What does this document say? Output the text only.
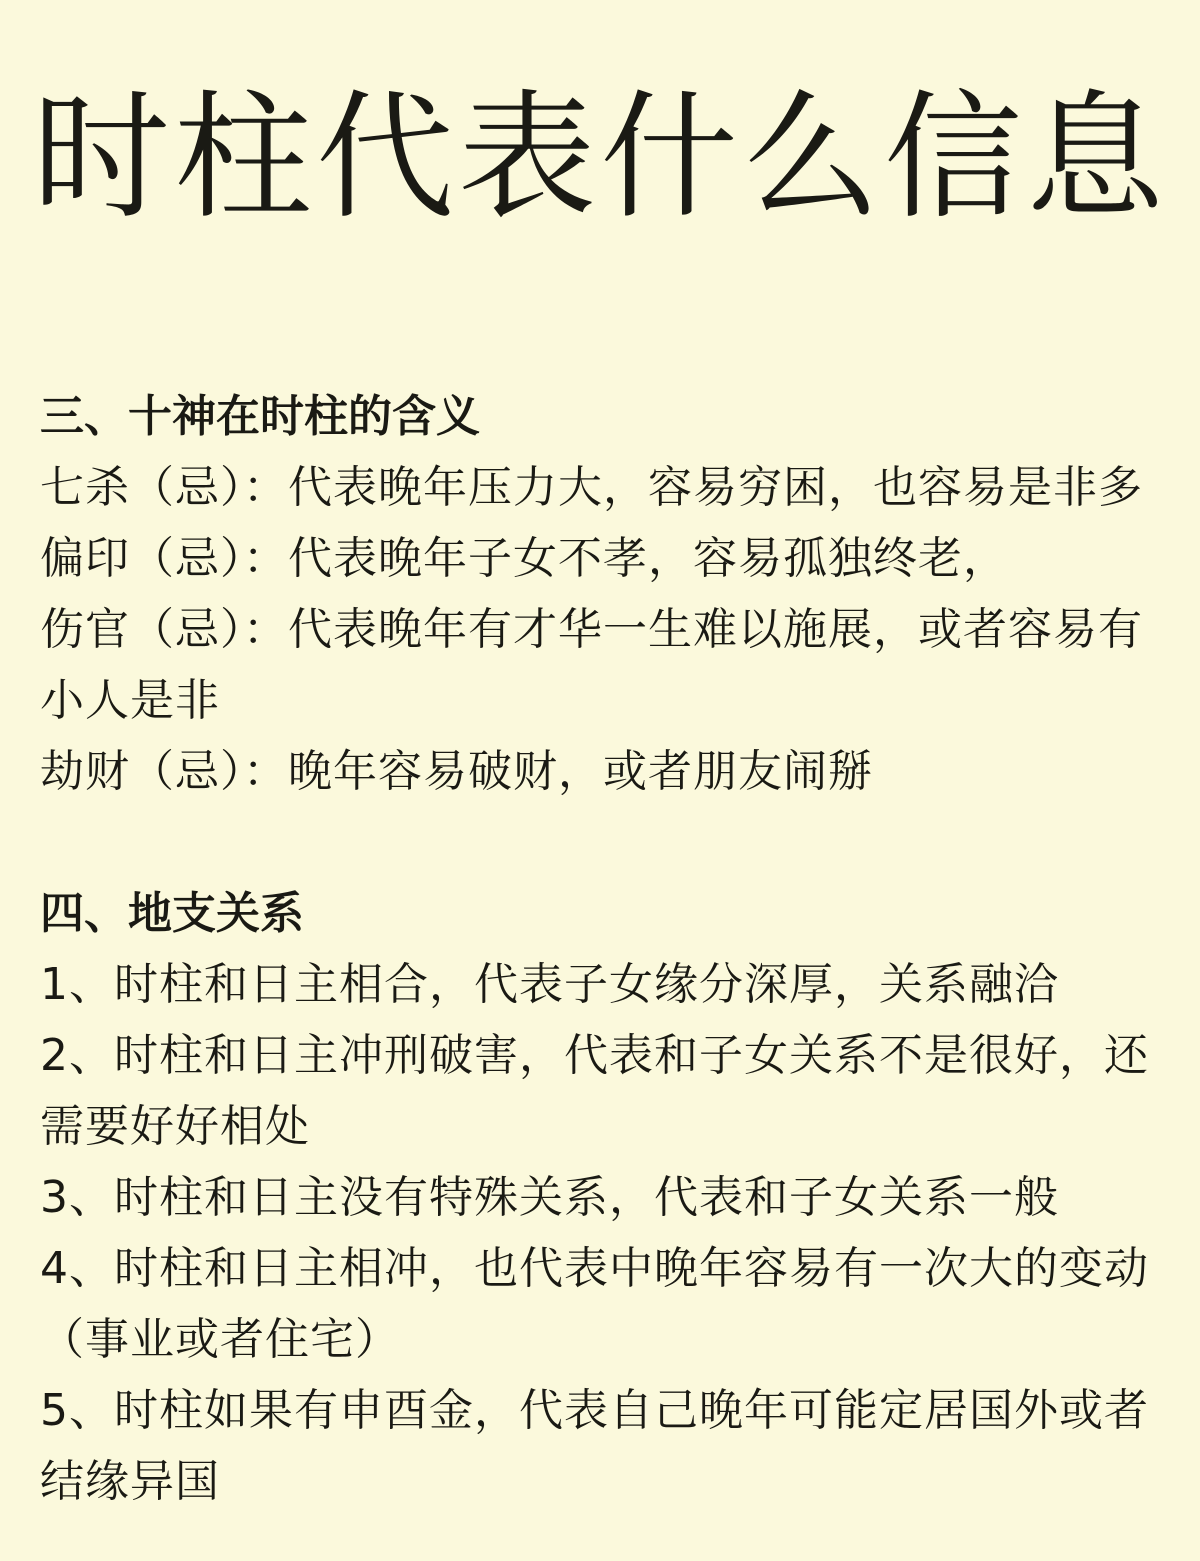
时柱代表什么信息
三、十神在时柱的含义
七杀（忌）：代表晚年压力大，容易穷困，也容易是非多
偏印（忌）：代表晚年子女不孝，容易孤独终老，
伤官（忌）：代表晚年有才华一生难以施展，或者容易有小人是非
劫财（忌）：晚年容易破财，或者朋友闹掰
四、地支关系
1、时柱和日主相合，代表子女缘分深厚，关系融洽
2、时柱和日主冲刑破害，代表和子女关系不是很好，还需要好好相处
3、时柱和日主没有特殊关系，代表和子女关系一般
4、时柱和日主相冲，也代表中晚年容易有一次大的变动（事业或者住宅）
5、时柱如果有申酉金，代表自己晚年可能定居国外或者结缘异国
